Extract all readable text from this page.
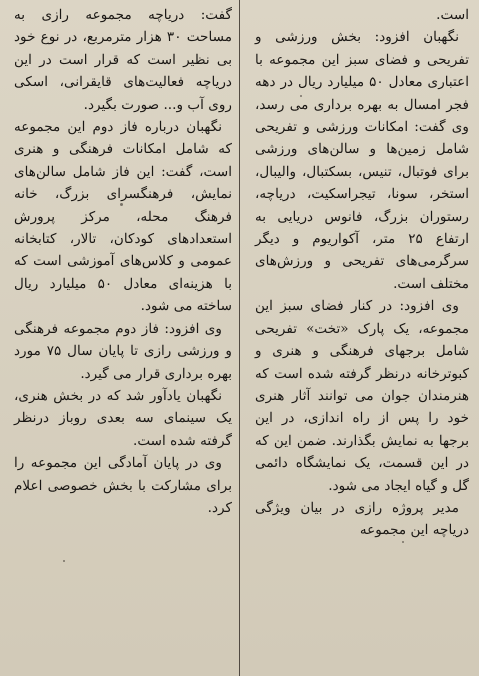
است.

نگهبان افزود: بخش ورزشی و تفریحی و فضای سبز این مجموعه با اعتباری معادل ۵۰ میلیارد ریال در دهه فجر امسال به بهره برداری می رسد، وی گفت: امکانات ورزشی و تفریحی شامل زمین‌ها و سالن‌های ورزشی برای فوتبال، تنیس، بسکتبال، والیبال، استخر، سونا، تیجراسکیت، دریاچه، رستوران بزرگ، فانوس دریایی به ارتفاع ۲۵ متر، آکواریوم و دیگر سرگرمی‌های تفریحی و ورزش‌های مختلف است.

وی افزود: در کنار فضای سبز این مجموعه، یک پارک «تخت» تفریحی شامل برجهای فرهنگی و هنری و کبوترخانه درنظر گرفته شده است که هنرمندان جوان می توانند آثار هنری خود را پس از راه اندازی، در این برجها به نمایش بگذارند. ضمن این که در این قسمت، یک نمایشگاه دائمی گل و گیاه ایجاد می شود.

مدیر پروژه رازی در بیان ویژگی دریاچه این مجموعه

گفت: دریاچه مجموعه رازی به مساحت ۳۰ هزار مترمربع، در نوع خود بی نظیر است که قرار است در این دریاچه فعالیت‌های قایقرانی، اسکی روی آب و... صورت بگیرد.

نگهبان درباره فاز دوم این مجموعه که شامل امکانات فرهنگی و هنری است، گفت: این فاز شامل سالن‌های نمایش، فرهنگسرای بزرگ، خانه فرهنگ محله، مرکز پرورش استعدادهای کودکان، تالار، کتابخانه عمومی و کلاس‌های آموزشی است که با هزینه‌ای معادل ۵۰ میلیارد ریال ساخته می شود.

وی افزود: فاز دوم مجموعه فرهنگی و ورزشی رازی تا پایان سال ۷۵ مورد بهره برداری قرار می گیرد.

نگهبان یادآور شد که در بخش هنری، یک سینمای سه بعدی روباز درنظر گرفته شده است.

وی در پایان آمادگی این مجموعه را برای مشارکت با بخش خصوصی اعلام کرد.
